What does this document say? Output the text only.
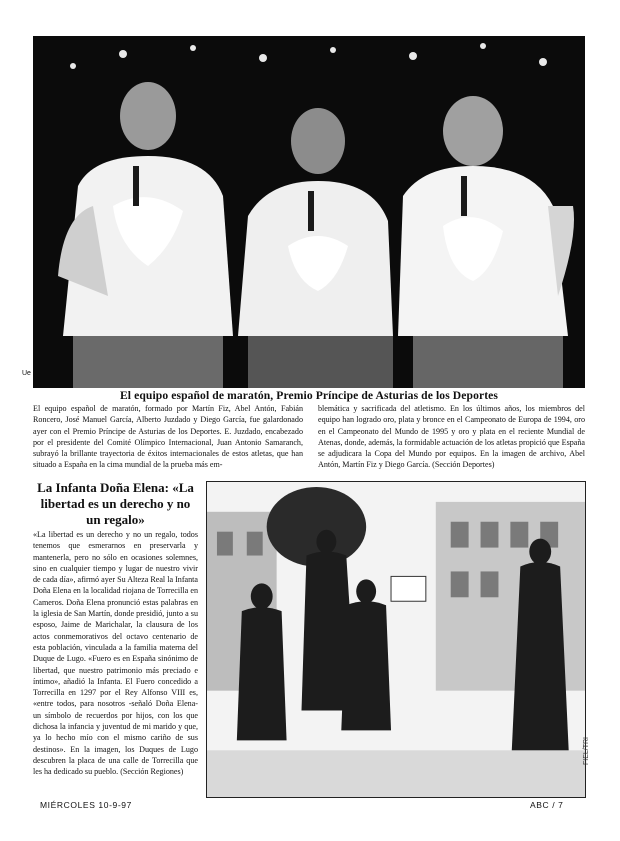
Ue
El equipo español de maratón, Premio Príncipe de Asturias de los Deportes
El equipo español de maratón, formado por Martín Fiz, Abel Antón, Fabián Roncero, José Manuel García, Alberto Juzdado y Diego García, fue galardonado ayer con el Premio Príncipe de Asturias de los Deportes. E. Juzdado, encabezado por el presidente del Comité Olímpico Internacional, Juan Antonio Samaranch, subrayó la brillante trayectoria de éxitos internacionales de estos atletas, que han situado a España en la cima mundial de la prueba más em-
blemática y sacrificada del atletismo. En los últimos años, los miembros del equipo han logrado oro, plata y bronce en el Campeonato de Europa de 1994, oro en el Campeonato del Mundo de 1995 y oro y plata en el reciente Mundial de Atenas, donde, además, la formidable actuación de los atletas propició que España se adjudicara la Copa del Mundo por equipos. En la imagen de archivo, Abel Antón, Martín Fiz y Diego García. (Sección Deportes)
La Infanta Doña Elena: «La libertad es un derecho y no un regalo»
«La libertad es un derecho y no un regalo, todos tenemos que esmerarnos en preservarla y mantenerla, pero no sólo en ocasiones solemnes, sino en cualquier tiempo y lugar de nuestro vivir de cada día», afirmó ayer Su Alteza Real la Infanta Doña Elena en la localidad riojana de Torrecilla en Cameros. Doña Elena pronunció estas palabras en la iglesia de San Martín, donde presidió, junto a su esposo, Jaime de Marichalar, la clausura de los actos conmemorativos del octavo centenario de esta población, vinculada a la familia materna del Duque de Lugo. «Fuero es en España sinónimo de libertad, que nuestro patrimonio más preciado e íntimo», añadió la Infanta. El Fuero concedido a Torrecilla en 1297 por el Rey Alfonso VIII es, «entre todos, para nosotros -señaló Doña Elena- un símbolo de recuerdos por hijos, con los que dichosa la infancia y juventud de mi marido y que, ya lo hecho mío con el mismo cariño de sus destinos». En la imagen, los Duques de Lugo descubren la placa de una calle de Torrecilla que les ha dedicado su pueblo. (Sección Regiones)
FIEL/TRI
MIÉRCOLES 10-9-97	ABC / 7
